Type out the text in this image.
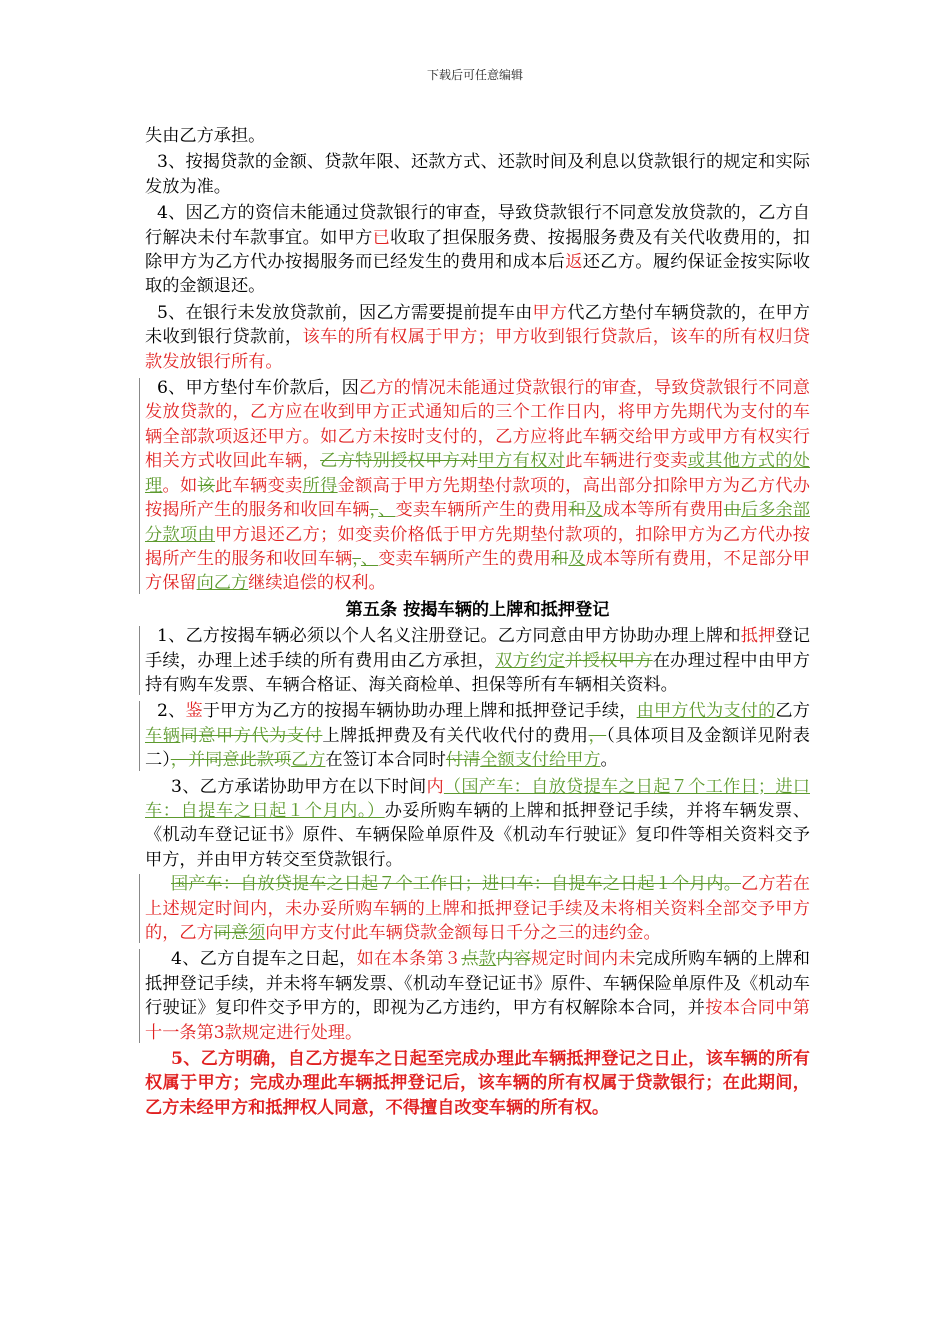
下载后可任意编辑

失由乙方承担。

3、按揭贷款的金额、贷款年限、还款方式、还款时间及利息以贷款银行的规定和实际发放为准。

4、因乙方的资信未能通过贷款银行的审查，导致贷款银行不同意发放贷款的，乙方自行解决未付车款事宜。如甲方已收取了担保服务费、按揭服务费及有关代收费用的，扣除甲方为乙方代办按揭服务而已经发生的费用和成本后返还乙方。履约保证金按实际收取的金额退还。

5、在银行未发放贷款前，因乙方需要提前提车由甲方代乙方垫付车辆贷款的，在甲方未收到银行贷款前，该车的所有权属于甲方；甲方收到银行贷款后，该车的所有权归贷款发放银行所有。

6、甲方垫付车价款后，因乙方的情况未能通过贷款银行的审查，导致贷款银行不同意发放贷款的，乙方应在收到甲方正式通知后的三个工作日内，将甲方先期代为支付的车辆全部款项返还甲方。如乙方未按时支付的，乙方应将此车辆交给甲方或甲方有权实行相关方式收回此车辆，乙方特别授权甲方对甲方有权对此车辆进行变卖或其他方式的处理。如该此车辆变卖所得金额高于甲方先期垫付款项的，高出部分扣除甲方为乙方代办按揭所产生的服务和收回车辆，、变卖车辆所产生的费用和及成本等所有费用由后多余部分款项由甲方退还乙方；如变卖价格低于甲方先期垫付款项的，扣除甲方为乙方代办按揭所产生的服务和收回车辆，、变卖车辆所产生的费用和及成本等所有费用，不足部分甲方保留向乙方继续追偿的权利。

第五条 按揭车辆的上牌和抵押登记

1、乙方按揭车辆必须以个人名义注册登记。乙方同意由甲方协助办理上牌和抵押登记手续，办理上述手续的所有费用由乙方承担，双方约定并授权甲方在办理过程中由甲方持有购车发票、车辆合格证、海关商检单、担保等所有车辆相关资料。

2、鉴于甲方为乙方的按揭车辆协助办理上牌和抵押登记手续，由甲方代为支付的乙方车辆同意甲方代为支付上牌抵押费及有关代收代付的费用，（具体项目及金额详见附表二），并同意此款项乙方在签订本合同时付清全额支付给甲方。

3、乙方承诺协助甲方在以下时间内（国产车：自放贷提车之日起７个工作日；进口车：自提车之日起１个月内。）办妥所购车辆的上牌和抵押登记手续，并将车辆发票、《机动车登记证书》原件、车辆保险单原件及《机动车行驶证》复印件等相关资料交予甲方，并由甲方转交至贷款银行。

国产车：自放贷提车之日起７个工作日；进口车：自提车之日起１个月内。乙方若在上述规定时间内，未办妥所购车辆的上牌和抵押登记手续及未将相关资料全部交予甲方的，乙方同意须向甲方支付此车辆贷款金额每日千分之三的违约金。

4、乙方自提车之日起，如在本条第３点款内容规定时间内未完成所购车辆的上牌和抵押登记手续，并未将车辆发票、《机动车登记证书》原件、车辆保险单原件及《机动车行驶证》复印件交予甲方的，即视为乙方违约，甲方有权解除本合同，并按本合同中第十一条第3款规定进行处理。

5、乙方明确，自乙方提车之日起至完成办理此车辆抵押登记之日止，该车辆的所有权属于甲方；完成办理此车辆抵押登记后，该车辆的所有权属于贷款银行；在此期间，乙方未经甲方和抵押权人同意，不得擅自改变车辆的所有权。
